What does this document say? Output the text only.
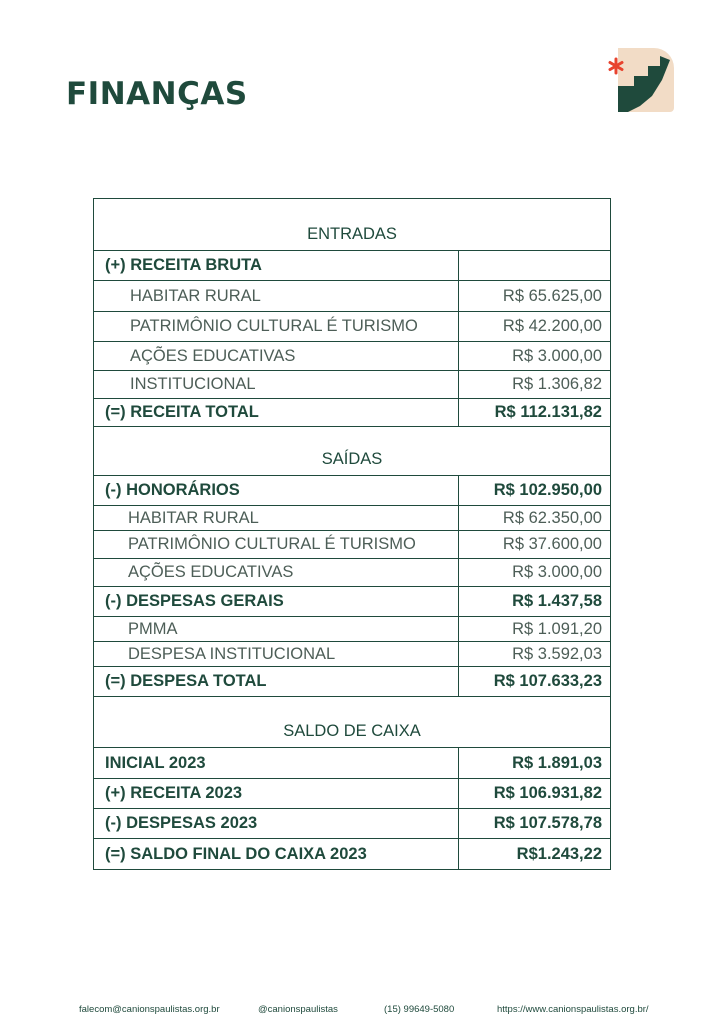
FINANÇAS
ENTRADAS
(+) RECEITA BRUTA
HABITAR RURAL	R$ 65.625,00
PATRIMÔNIO CULTURAL É TURISMO	R$ 42.200,00
AÇÕES EDUCATIVAS	R$ 3.000,00
INSTITUCIONAL	R$ 1.306,82
(=) RECEITA TOTAL	R$ 112.131,82
SAÍDAS
(-) HONORÁRIOS	R$ 102.950,00
HABITAR RURAL	R$ 62.350,00
PATRIMÔNIO CULTURAL É TURISMO	R$ 37.600,00
AÇÕES EDUCATIVAS	R$ 3.000,00
(-) DESPESAS GERAIS	R$ 1.437,58
PMMA	R$ 1.091,20
DESPESA INSTITUCIONAL	R$ 3.592,03
(=) DESPESA TOTAL	R$ 107.633,23
SALDO DE CAIXA
INICIAL 2023	R$ 1.891,03
(+) RECEITA 2023	R$ 106.931,82
(-) DESPESAS 2023	R$ 107.578,78
(=) SALDO FINAL DO CAIXA 2023	R$1.243,22
falecom@canionspaulistas.org.br	@canionspaulistas	(15) 99649-5080	https://www.canionspaulistas.org.br/
